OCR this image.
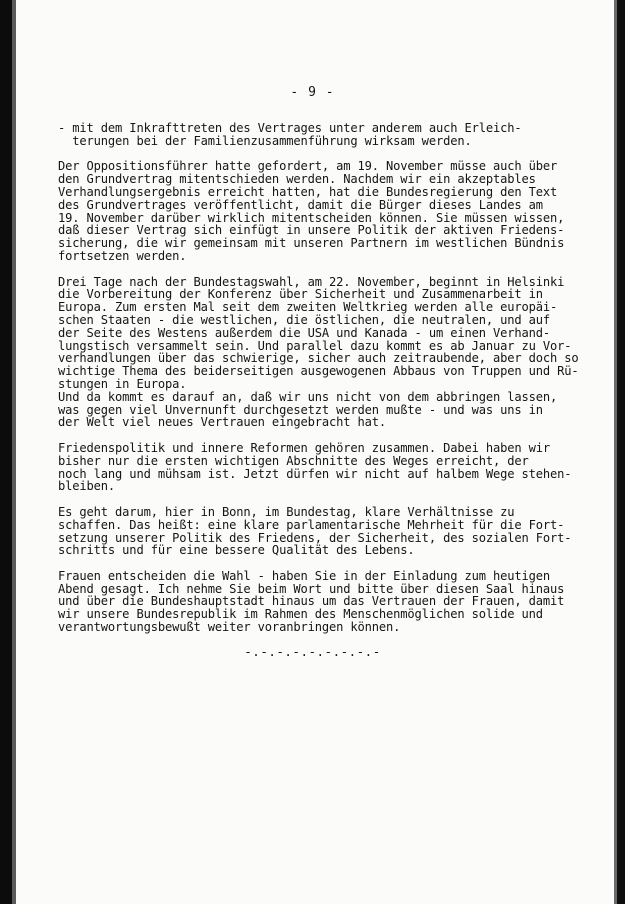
- 9 -

- mit dem Inkrafttreten des Vertrages unter anderem auch Erleich-
terungen bei der Familienzusammenführung wirksam werden.

Der Oppositionsführer hatte gefordert, am 19. November müsse auch über
den Grundvertrag mitentschieden werden. Nachdem wir ein akzeptables
Verhandlungsergebnis erreicht hatten, hat die Bundesregierung den Text
des Grundvertrages veröffentlicht, damit die Bürger dieses Landes am
19. November darüber wirklich mitentscheiden können. Sie müssen wissen,
daß dieser Vertrag sich einfügt in unsere Politik der aktiven Friedens-
sicherung, die wir gemeinsam mit unseren Partnern im westlichen Bündnis
fortsetzen werden.

Drei Tage nach der Bundestagswahl, am 22. November, beginnt in Helsinki
die Vorbereitung der Konferenz über Sicherheit und Zusammenarbeit in
Europa. Zum ersten Mal seit dem zweiten Weltkrieg werden alle europäi-
schen Staaten - die westlichen, die östlichen, die neutralen, und auf
der Seite des Westens außerdem die USA und Kanada - um einen Verhand-
lungstisch versammelt sein. Und parallel dazu kommt es ab Januar zu Vor-
verhandlungen über das schwierige, sicher auch zeitraubende, aber doch so
wichtige Thema des beiderseitigen ausgewogenen Abbaus von Truppen und Rü-
stungen in Europa.

Und da kommt es darauf an, daß wir uns nicht von dem abbringen lassen,
was gegen viel Unvernunft durchgesetzt werden mußte - und was uns in
der Welt viel neues Vertrauen eingebracht hat.

Friedenspolitik und innere Reformen gehören zusammen. Dabei haben wir
bisher nur die ersten wichtigen Abschnitte des Weges erreicht, der
noch lang und mühsam ist. Jetzt dürfen wir nicht auf halbem Wege stehen-
bleiben.

Es geht darum, hier in Bonn, im Bundestag, klare Verhältnisse zu
schaffen. Das heißt: eine klare parlamentarische Mehrheit für die Fort-
setzung unserer Politik des Friedens, der Sicherheit, des sozialen Fort-
schritts und für eine bessere Qualität des Lebens.

Frauen entscheiden die Wahl - haben Sie in der Einladung zum heutigen
Abend gesagt. Ich nehme Sie beim Wort und bitte über diesen Saal hinaus
und über die Bundeshauptstadt hinaus um das Vertrauen der Frauen, damit
wir unsere Bundesrepublik im Rahmen des Menschenmöglichen solide und
verantwortungsbewußt weiter voranbringen können.

-.-.-.-.-.-.-.-.-
